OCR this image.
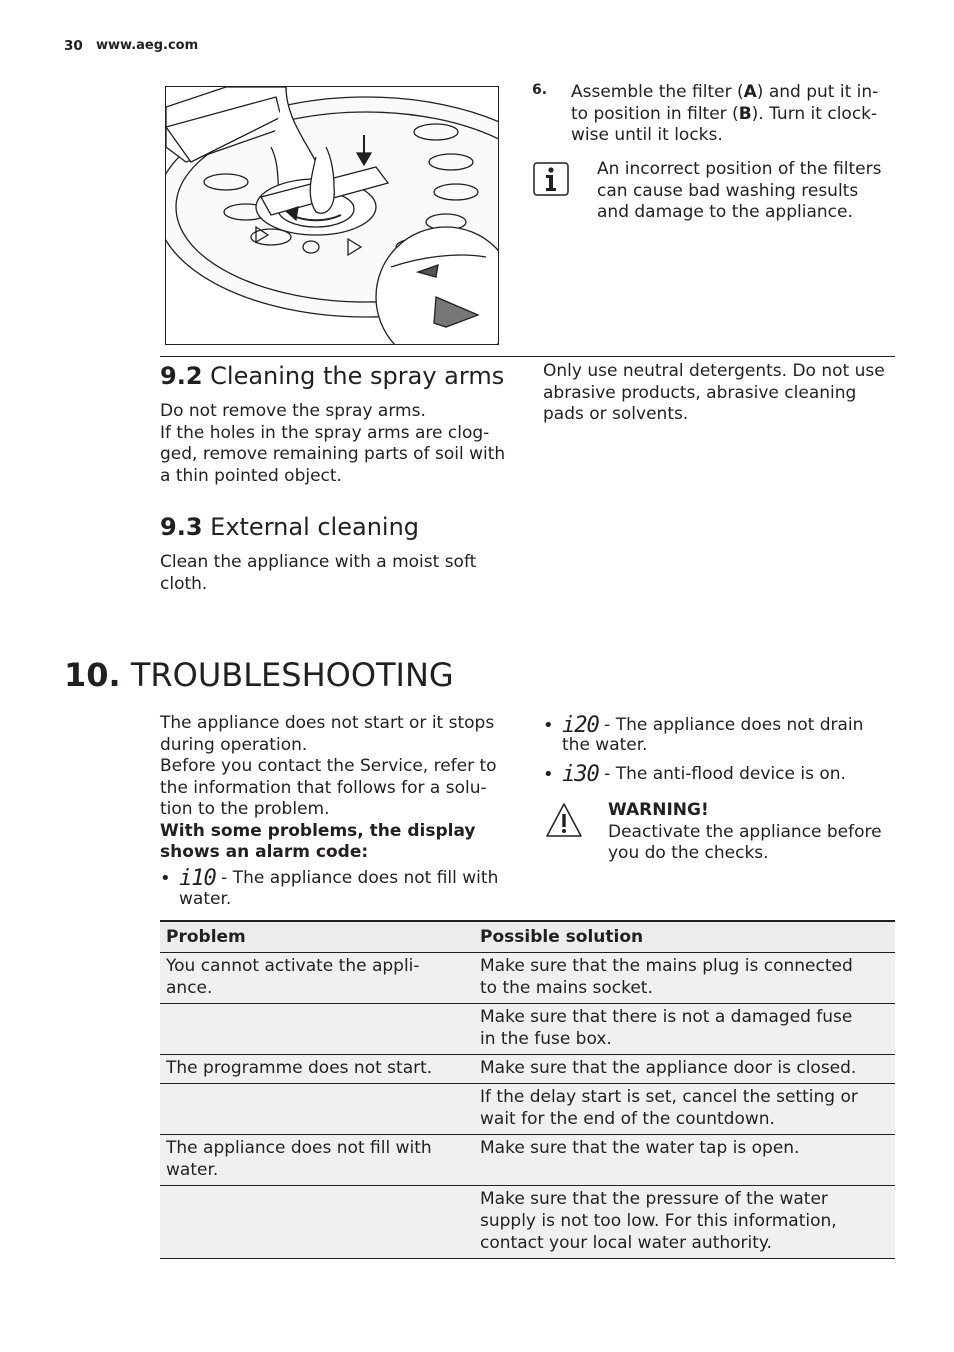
30 www.aeg.com
6. Assemble the filter (A) and put it in-
to position in filter (B). Turn it clock-
wise until it locks.
An incorrect position of the filters
can cause bad washing results
and damage to the appliance.
9.2 Cleaning the spray arms
Do not remove the spray arms.
If the holes in the spray arms are clog-
ged, remove remaining parts of soil with
a thin pointed object.
Only use neutral detergents. Do not use
abrasive products, abrasive cleaning
pads or solvents.
9.3 External cleaning
Clean the appliance with a moist soft
cloth.
10. TROUBLESHOOTING
The appliance does not start or it stops
during operation.
Before you contact the Service, refer to
the information that follows for a solu-
tion to the problem.
With some problems, the display
shows an alarm code:
• i10 - The appliance does not fill with
water.
• i20 - The appliance does not drain

the water.
• i30 - The anti-flood device is on.
WARNING!
Deactivate the appliance before
you do the checks.
Problem	Possible solution
You cannot activate the appli-
ance.	Make sure that the mains plug is connected
to the mains socket.
	Make sure that there is not a damaged fuse
in the fuse box.
The programme does not start.	Make sure that the appliance door is closed.
	If the delay start is set, cancel the setting or
wait for the end of the countdown.
The appliance does not fill with
water.	Make sure that the water tap is open.
	Make sure that the pressure of the water
supply is not too low. For this information,
contact your local water authority.
